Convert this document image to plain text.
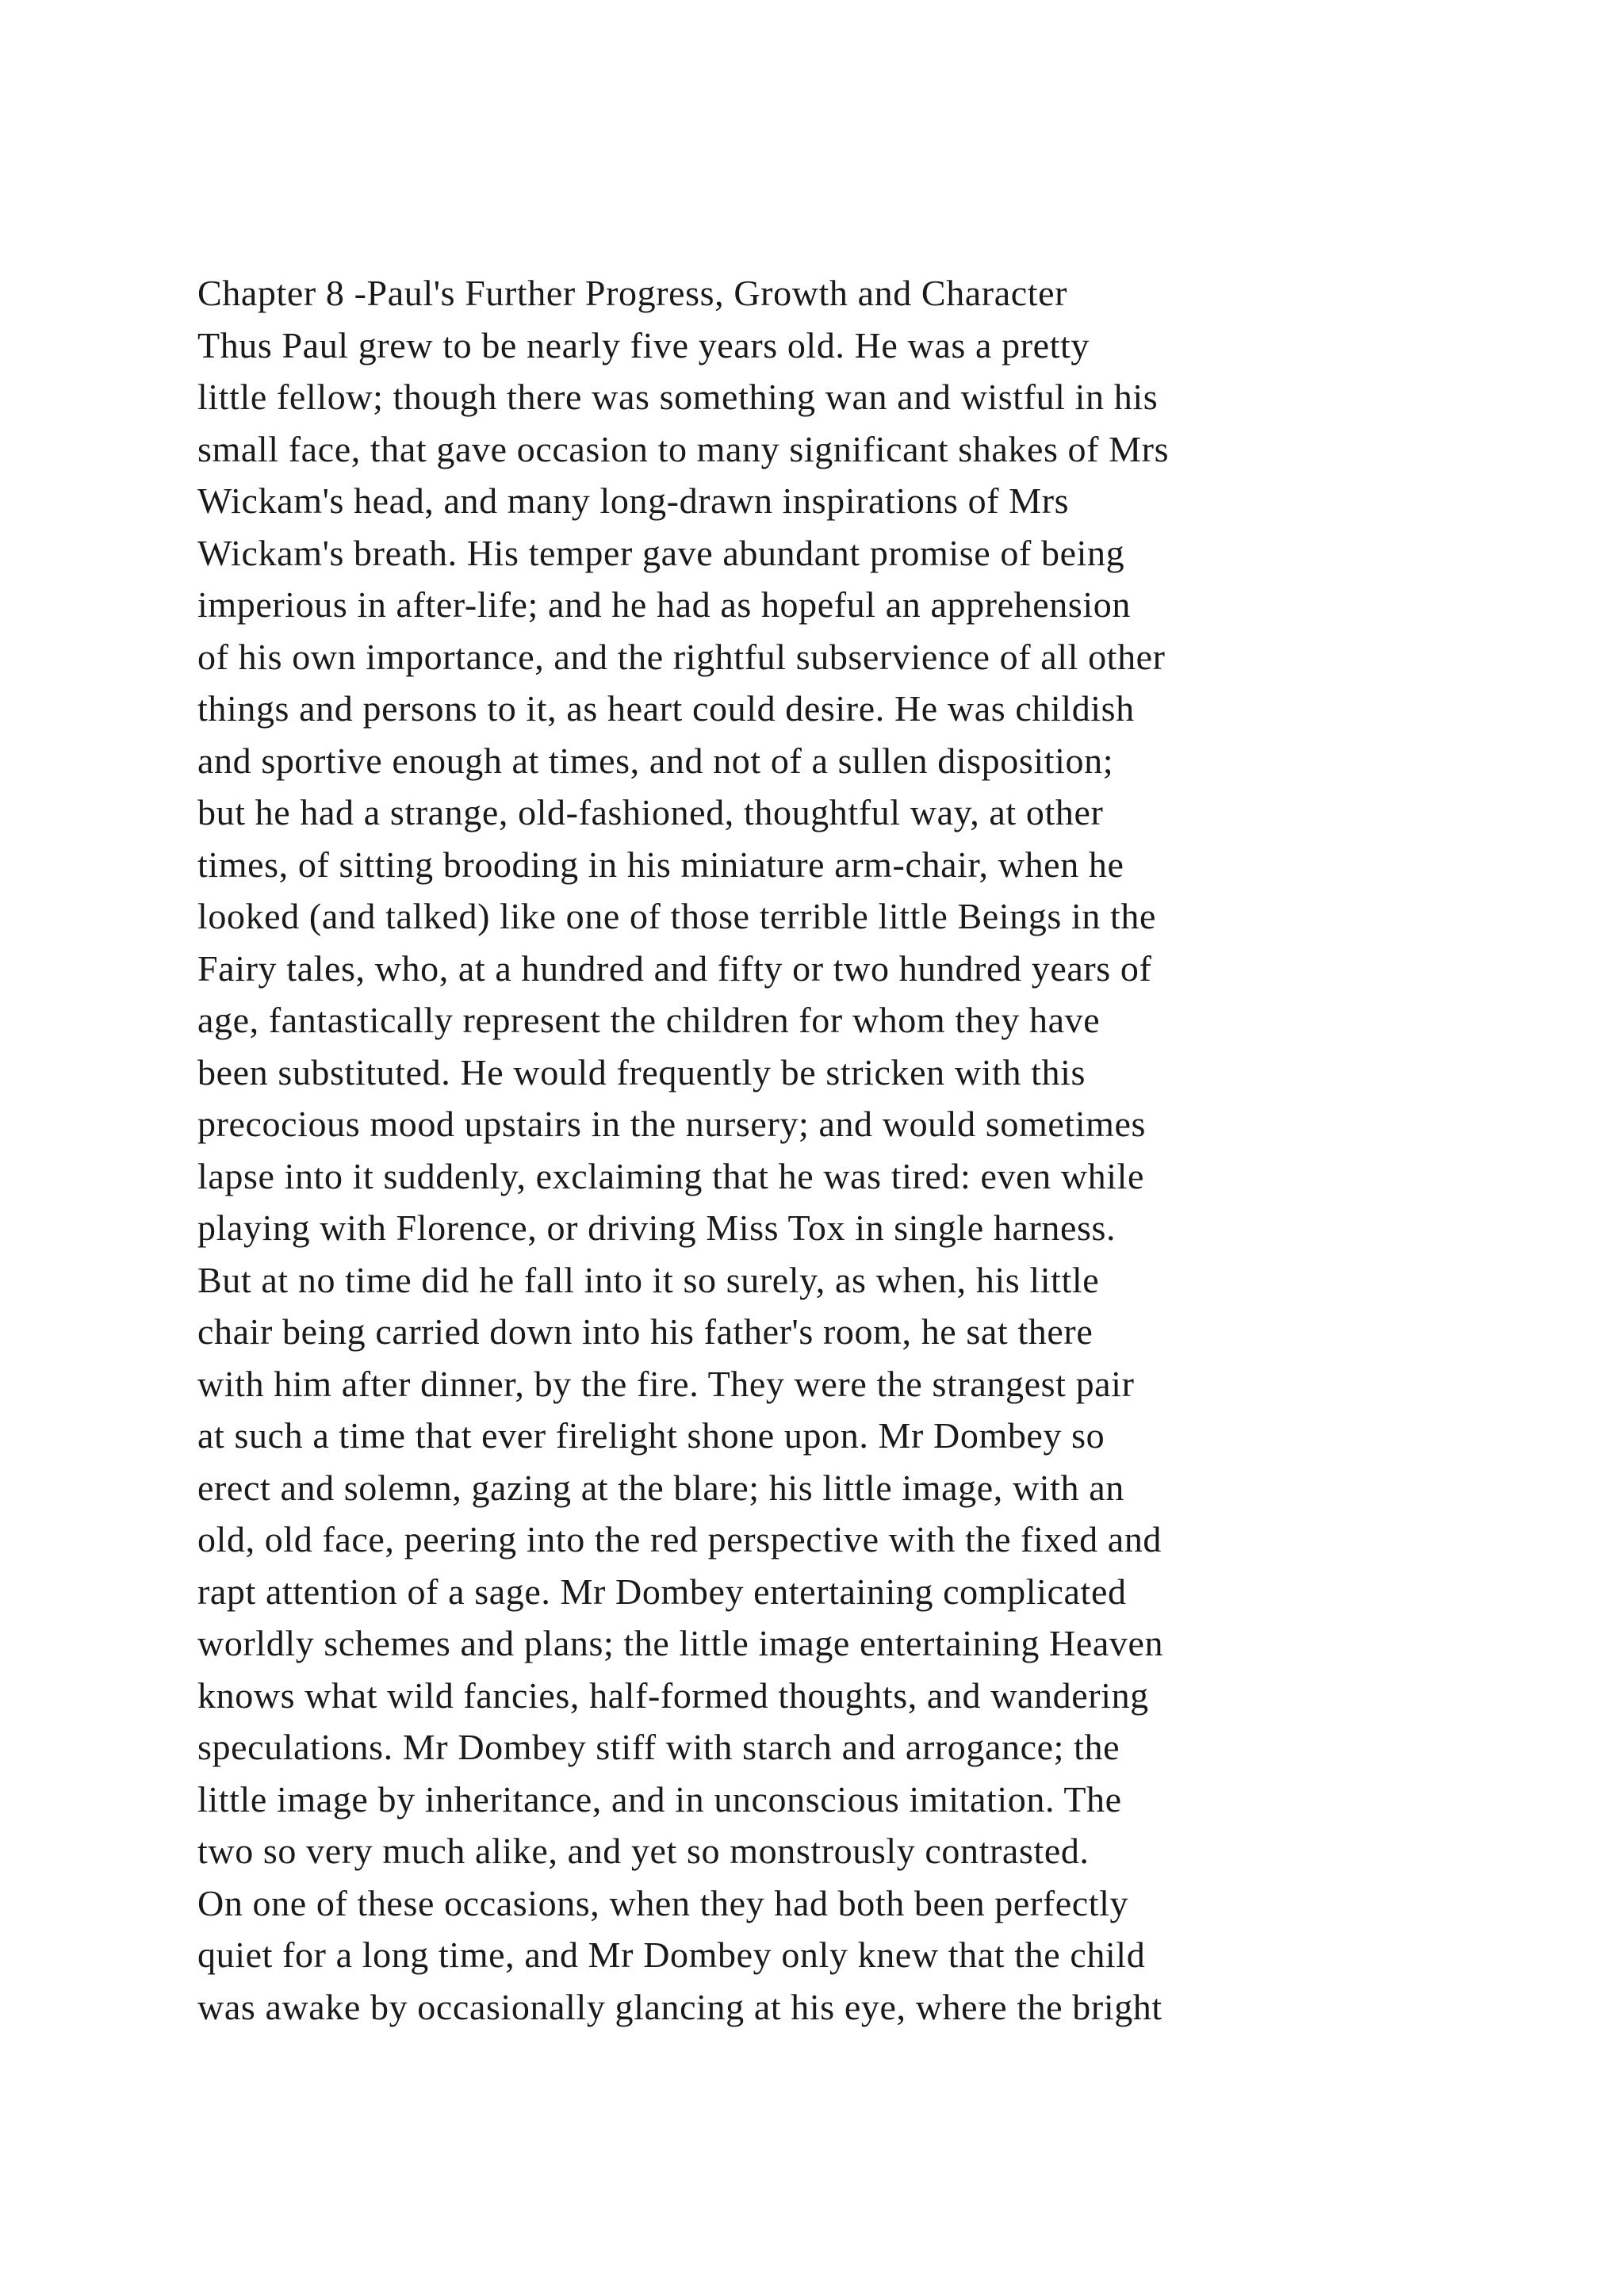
Chapter 8 -Paul's Further Progress, Growth and Character
Thus Paul grew to be nearly five years old. He was a pretty
little fellow; though there was something wan and wistful in his
small face, that gave occasion to many significant shakes of Mrs
Wickam's head, and many long-drawn inspirations of Mrs
Wickam's breath. His temper gave abundant promise of being
imperious in after-life; and he had as hopeful an apprehension
of his own importance, and the rightful subservience of all other
things and persons to it, as heart could desire. He was childish
and sportive enough at times, and not of a sullen disposition;
but he had a strange, old-fashioned, thoughtful way, at other
times, of sitting brooding in his miniature arm-chair, when he
looked (and talked) like one of those terrible little Beings in the
Fairy tales, who, at a hundred and fifty or two hundred years of
age, fantastically represent the children for whom they have
been substituted. He would frequently be stricken with this
precocious mood upstairs in the nursery; and would sometimes
lapse into it suddenly, exclaiming that he was tired: even while
playing with Florence, or driving Miss Tox in single harness.
But at no time did he fall into it so surely, as when, his little
chair being carried down into his father's room, he sat there
with him after dinner, by the fire. They were the strangest pair
at such a time that ever firelight shone upon. Mr Dombey so
erect and solemn, gazing at the blare; his little image, with an
old, old face, peering into the red perspective with the fixed and
rapt attention of a sage. Mr Dombey entertaining complicated
worldly schemes and plans; the little image entertaining Heaven
knows what wild fancies, half-formed thoughts, and wandering
speculations. Mr Dombey stiff with starch and arrogance; the
little image by inheritance, and in unconscious imitation. The
two so very much alike, and yet so monstrously contrasted.
On one of these occasions, when they had both been perfectly
quiet for a long time, and Mr Dombey only knew that the child
was awake by occasionally glancing at his eye, where the bright
